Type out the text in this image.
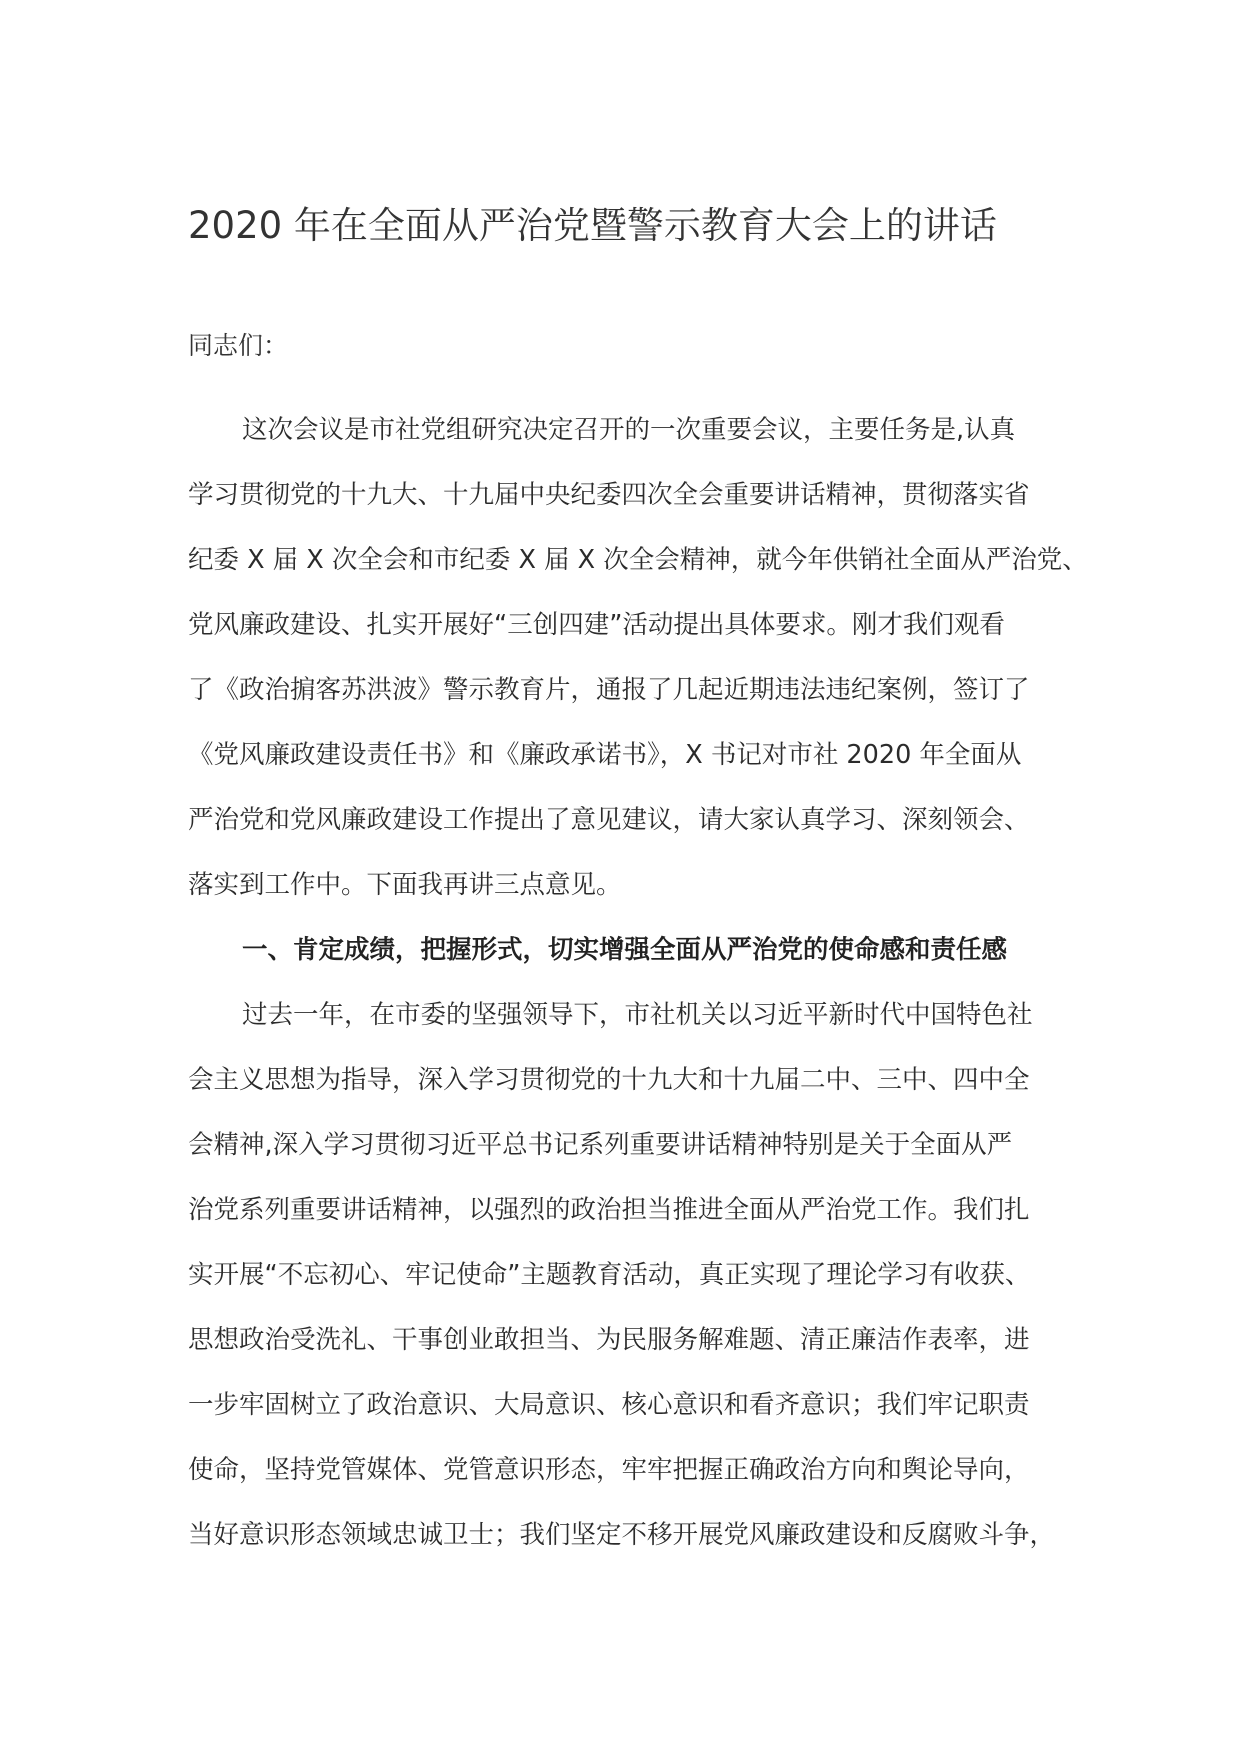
2020 年在全面从严治党暨警示教育大会上的讲话

同志们：

这次会议是市社党组研究决定召开的一次重要会议，主要任务是,认真
学习贯彻党的十九大、十九届中央纪委四次全会重要讲话精神，贯彻落实省
纪委 X 届 X 次全会和市纪委 X 届 X 次全会精神，就今年供销社全面从严治党、
党风廉政建设、扎实开展好“三创四建”活动提出具体要求。刚才我们观看
了《政治掮客苏洪波》警示教育片，通报了几起近期违法违纪案例，签订了
《党风廉政建设责任书》和《廉政承诺书》，X 书记对市社 2020 年全面从
严治党和党风廉政建设工作提出了意见建议，请大家认真学习、深刻领会、
落实到工作中。下面我再讲三点意见。
一、肯定成绩，把握形式，切实增强全面从严治党的使命感和责任感
过去一年，在市委的坚强领导下，市社机关以习近平新时代中国特色社
会主义思想为指导，深入学习贯彻党的十九大和十九届二中、三中、四中全
会精神,深入学习贯彻习近平总书记系列重要讲话精神特别是关于全面从严
治党系列重要讲话精神，以强烈的政治担当推进全面从严治党工作。我们扎
实开展“不忘初心、牢记使命”主题教育活动，真正实现了理论学习有收获、
思想政治受洗礼、干事创业敢担当、为民服务解难题、清正廉洁作表率，进
一步牢固树立了政治意识、大局意识、核心意识和看齐意识；我们牢记职责
使命，坚持党管媒体、党管意识形态，牢牢把握正确政治方向和舆论导向，
当好意识形态领域忠诚卫士；我们坚定不移开展党风廉政建设和反腐败斗争，
